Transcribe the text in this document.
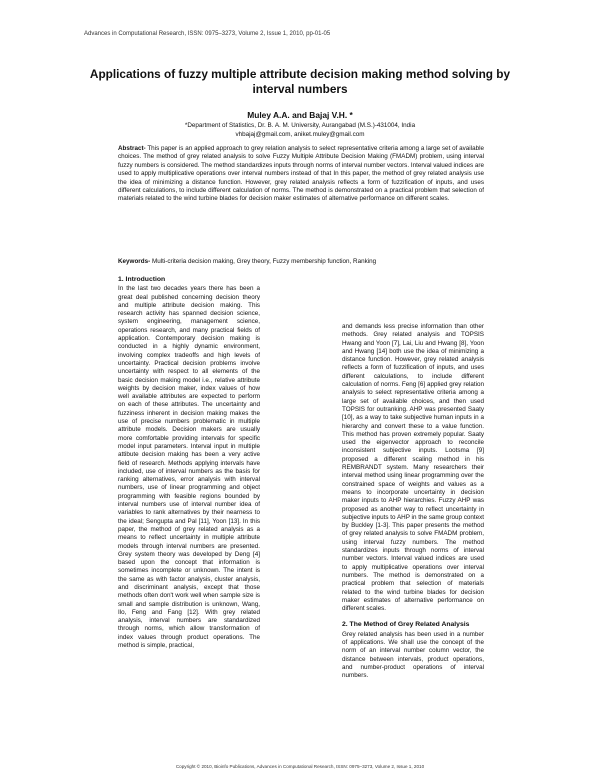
Advances in Computational Research, ISSN: 0975–3273, Volume 2, Issue 1, 2010, pp-01-05
Applications of fuzzy multiple attribute decision making method solving by interval numbers
Muley A.A. and Bajaj V.H. *
*Department of Statistics, Dr. B. A. M. University, Aurangabad (M.S.)-431004, India
vhbajaj@gmail.com, aniket.muley@gmail.com
Abstract- This paper is an applied approach to grey relation analysis to select representative criteria among a large set of available choices. The method of grey related analysis to solve Fuzzy Multiple Attribute Decision Making (FMADM) problem, using interval fuzzy numbers is considered. The method standardizes inputs through norms of interval number vectors. Interval valued indices are used to apply multiplicative operations over interval numbers instead of that In this paper, the method of grey related analysis use the idea of minimizing a distance function. However, grey related analysis reflects a form of fuzzification of inputs, and uses different calculations, to include different calculation of norms. The method is demonstrated on a practical problem that selection of materials related to the wind turbine blades for decision maker estimates of alternative performance on different scales.
Keywords- Multi-criteria decision making, Grey theory, Fuzzy membership function, Ranking
1. Introduction

In the last two decades years there has been a great deal published concerning decision theory and multiple attribute decision making. This research activity has spanned decision science, system engineering, management science, operations research, and many practical fields of application. Contemporary decision making is conducted in a highly dynamic environment, involving complex tradeoffs and high levels of uncertainty. Practical decision problems involve uncertainty with respect to all elements of the basic decision making model i.e., relative attribute weights by decision maker, index values of how well available attributes are expected to perform on each of these attributes. The uncertainty and fuzziness inherent in decision making makes the use of precise numbers problematic in multiple attribute models. Decision makers are usually more comfortable providing intervals for specific model input parameters. Interval input in multiple attibute decision making has been a very active field of research. Methods applying intervals have included, use of interval numbers as the basis for ranking alternatives, error analysis with interval numbers, use of linear programming and object programming with feasible regions bounded by interval numbers use of interval number idea of variables to rank alternatives by their nearness to the ideal; Sengupta and Pal [11], Yoon [13]. In this paper, the method of grey related analysis as a means to reflect uncertainty in multiple attribute models through interval numbers are presented. Grey system theory was developed by Deng [4] based upon the concept that information is sometimes incomplete or unknown. The intent is the same as with factor analysis, cluster analysis, and discriminant analysis, except that those methods often don't work well when sample size is small and sample distribution is unknown, Wang, Ilo, Feng and Fang [12]. With grey related analysis, interval numbers are standardized through norms, which allow transformation of index values through product operations. The method is simple, practical,

and demands less precise information than other methods. Grey related analysis and TOPSIS Hwang and Yoon [7], Lai, Liu and Hwang [8], Yoon and Hwang [14] both use the idea of minimizing a distance function. However, grey related analysis reflects a form of fuzzification of inputs, and uses different calculations, to include different calculation of norms. Feng [6] applied grey relation analysis to select representative criteria among a large set of available choices, and then used TOPSIS for outranking. AHP was presented Saaty [10], as a way to take subjective human inputs in a hierarchy and convert these to a value function. This method has proven extremely popular. Saaty used the eigenvector approach to reconcile inconsistent subjective inputs. Lootsma [9] proposed a different scaling method in his REMBRANDT system. Many researchers their interval method using linear programming over the constrained space of weights and values as a means to incorporate uncertainty in decision maker inputs to AHP hierarchies. Fuzzy AHP was proposed as another way to reflect uncertainty in subjective inputs to AHP in the same group context by Buckley [1-3]. This paper presents the method of grey related analysis to solve FMADM problem, using interval fuzzy numbers. The method standardizes inputs through norms of interval number vectors. Interval valued indices are used to apply multiplicative operations over interval numbers. The method is demonstrated on a practical problem that selection of materials related to the wind turbine blades for decision maker estimates of alternative performance on different scales.

2. The Method of Grey Related Analysis

Grey related analysis has been used in a number of applications. We shall use the concept of the norm of an interval number column vector, the distance between intervals, product operations, and number-product operations of interval numbers.

Copyright © 2010, Bioinfo Publications, Advances in Computational Research, ISSN: 0975–3273, Volume 2, Issue 1, 2010
